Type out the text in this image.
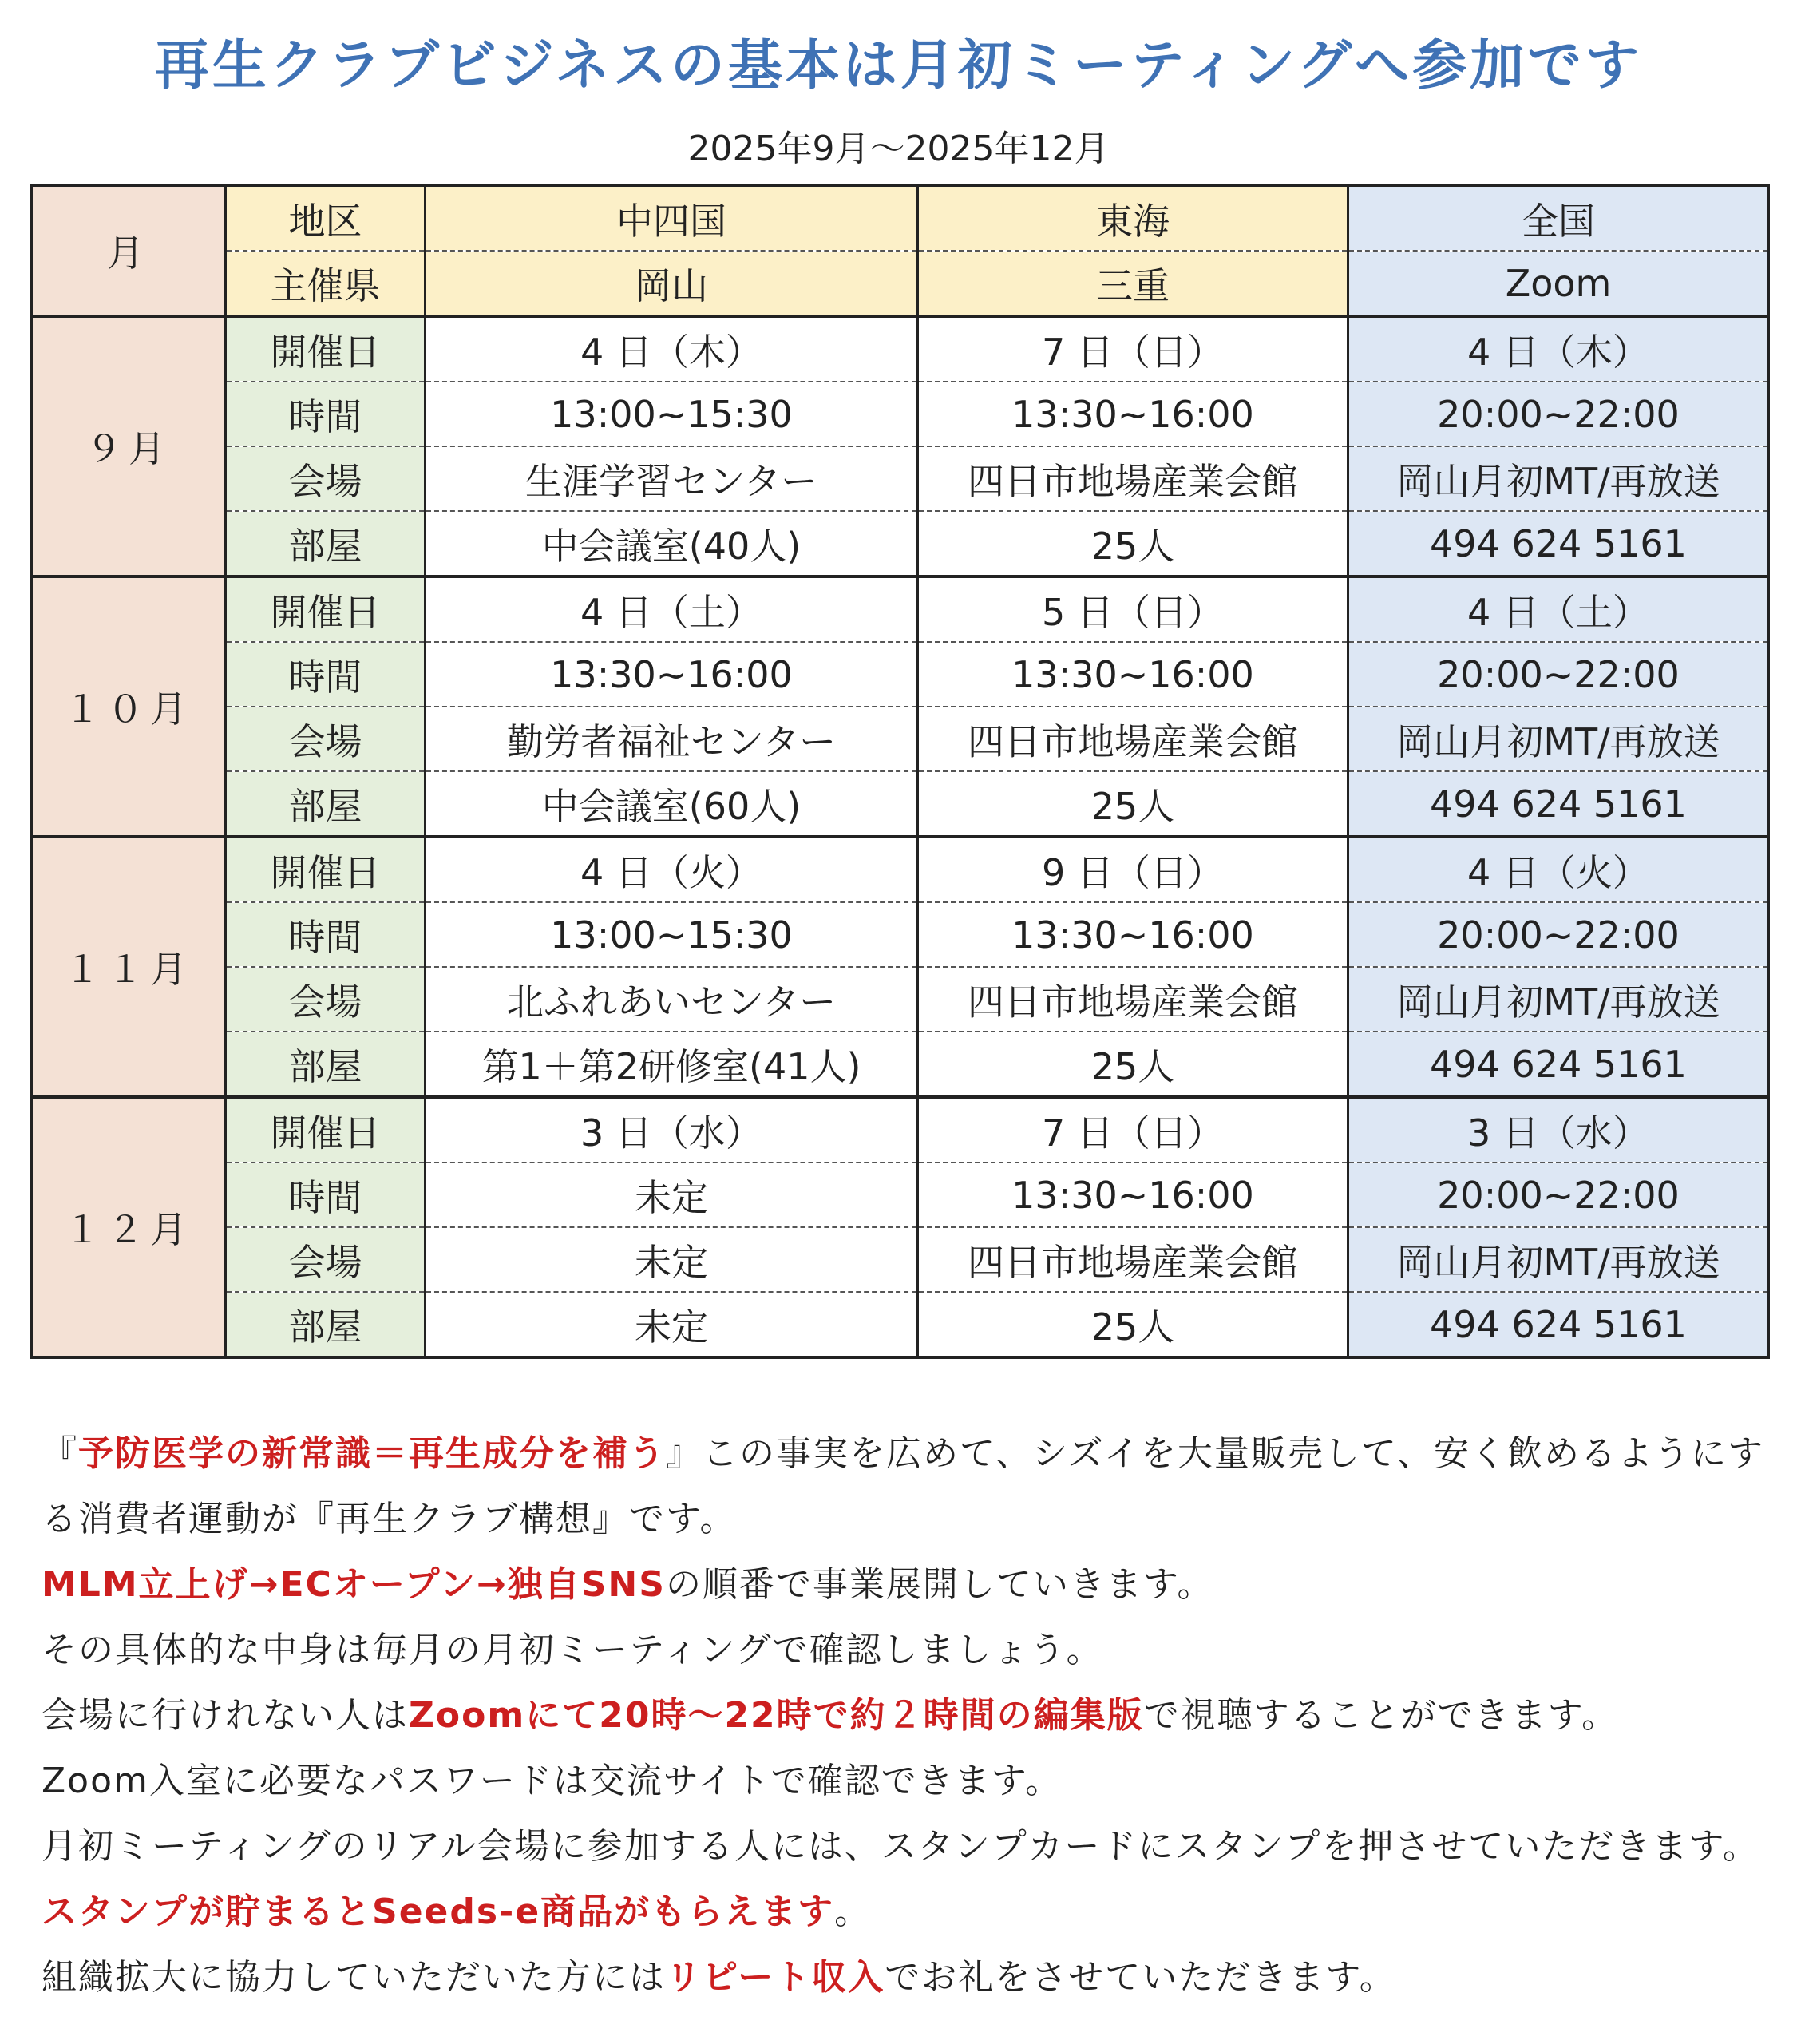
再生クラブビジネスの基本は月初ミーティングへ参加です
2025年9月～2025年12月
月	地区	中四国	東海	全国
	主催県	岡山	三重	Zoom
９月	開催日	4 日（木）	7 日（日）	4 日（木）
	時間	13:00~15:30	13:30~16:00	20:00~22:00
	会場	生涯学習センター	四日市地場産業会館	岡山月初MT/再放送
	部屋	中会議室(40人)	25人	494 624 5161
１０月	開催日	4 日（土）	5 日（日）	4 日（土）
	時間	13:30~16:00	13:30~16:00	20:00~22:00
	会場	勤労者福祉センター	四日市地場産業会館	岡山月初MT/再放送
	部屋	中会議室(60人)	25人	494 624 5161
１１月	開催日	4 日（火）	9 日（日）	4 日（火）
	時間	13:00~15:30	13:30~16:00	20:00~22:00
	会場	北ふれあいセンター	四日市地場産業会館	岡山月初MT/再放送
	部屋	第1＋第2研修室(41人)	25人	494 624 5161
１２月	開催日	3 日（水）	7 日（日）	3 日（水）
	時間	未定	13:30~16:00	20:00~22:00
	会場	未定	四日市地場産業会館	岡山月初MT/再放送
	部屋	未定	25人	494 624 5161

『予防医学の新常識＝再生成分を補う』この事実を広めて、シズイを大量販売して、安く飲めるようにする消費者運動が『再生クラブ構想』です。

MLM立上げ→ECオープン→独自SNSの順番で事業展開していきます。

その具体的な中身は毎月の月初ミーティングで確認しましょう。

会場に行けれない人はZoomにて20時～22時で約２時間の編集版で視聴することができます。

Zoom入室に必要なパスワードは交流サイトで確認できます。

月初ミーティングのリアル会場に参加する人には、スタンプカードにスタンプを押させていただきます。スタンプが貯まるとSeeds-e商品がもらえます。

組織拡大に協力していただいた方にはリピート収入でお礼をさせていただきます。
